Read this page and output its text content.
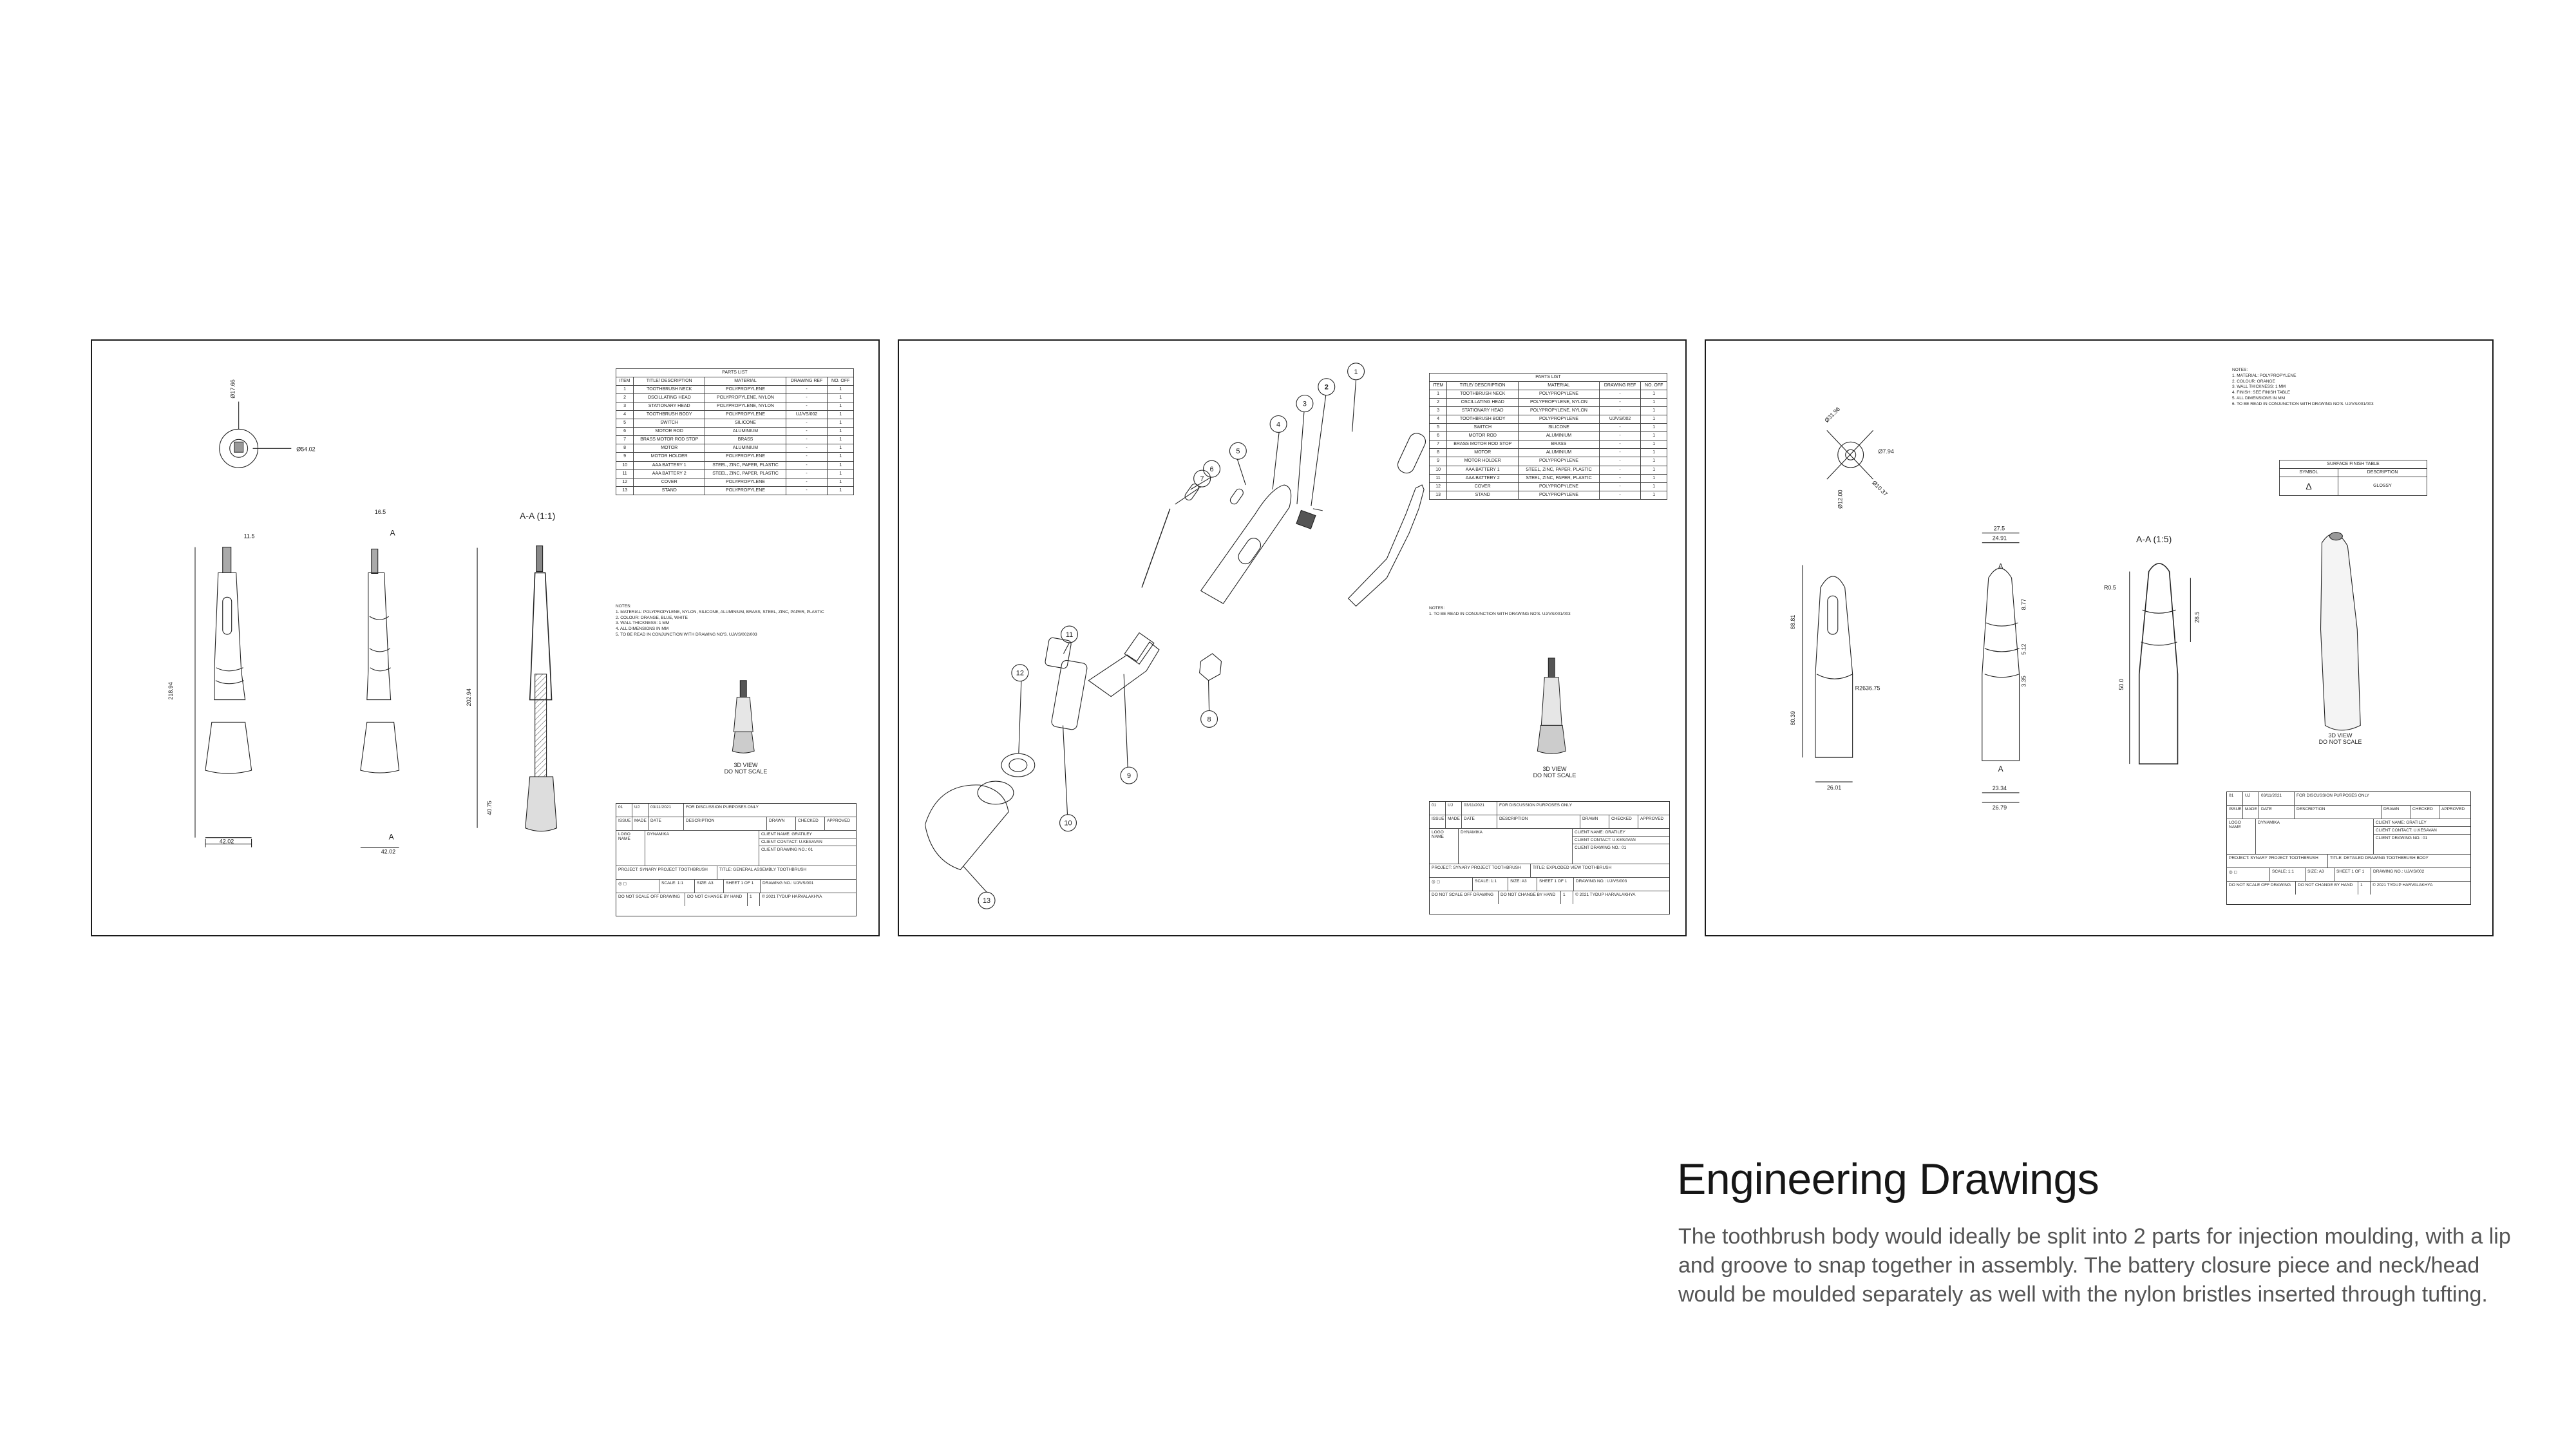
Ø17.66
Ø54.02
11.5
16.5
218.94	202.94
40.75
42.02
42.02
A
A
PARTS LIST
ITEM	TITLE/ DESCRIPTION	MATERIAL	DRAWING REF	NO. OFF
1	TOOTHBRUSH NECK	POLYPROPYLENE	-	1
2	OSCILLATING HEAD	POLYPROPYLENE, NYLON	-	1
3	STATIONARY HEAD	POLYPROPYLENE, NYLON	-	1
4	TOOTHBRUSH BODY	POLYPROPYLENE	UJ/VS/002	1
5	SWITCH	SILICONE	-	1
6	MOTOR ROD	ALUMINIUM	-	1
7	BRASS MOTOR ROD STOP	BRASS	-	1
8	MOTOR	ALUMINIUM	-	1
9	MOTOR HOLDER	POLYPROPYLENE	-	1
10	AAA BATTERY 1	STEEL, ZINC, PAPER, PLASTIC	-	1
11	AAA BATTERY 2	STEEL, ZINC, PAPER, PLASTIC	-	1
12	COVER	POLYPROPYLENE	-	1
13	STAND	POLYPROPYLENE	-	1
NOTES:
1. MATERIAL: POLYPROPYLENE, NYLON, SILICONE, ALUMINIUM, BRASS, STEEL, ZINC, PAPER, PLASTIC
2. COLOUR: ORANGE, BLUE, WHITE
3. WALL THICKNESS: 1 MM
4. ALL DIMENSIONS IN MM
5. TO BE READ IN CONJUNCTION WITH DRAWING NO'S. UJ/VS/002/003
A-A (1:1)
3D VIEW
DO NOT SCALE
01	UJ	03/11/2021	FOR DISCUSSION PURPOSES ONLY
ISSUE MADE DATE	DESCRIPTION	DRAWN	CHECKED	APPROVED
LOGO
NAME
DYNAMIKA	CLIENT NAME: GRATILEY
CLIENT CONTACT: U.KESAVAN
CLIENT DRAWING NO.: 01
PROJECT: SYNARY PROJECT TOOTHBRUSH	TITLE: GENERAL ASSEMBLY TOOTHBRUSH
◎ ◻	SCALE: 1:1	SIZE: A3	SHEET 1 OF 1	DRAWING NO.: UJ/VS/001
DO NOT SCALE OFF DRAWING	DO NOT CHANGE BY HAND	1	© 2021 TYDUP HARVALAKHYA
1
2
3
4
5
6
7
8
9
10
11
12
13
PARTS LIST
ITEM	TITLE/ DESCRIPTION	MATERIAL	DRAWING REF	NO. OFF
1	TOOTHBRUSH NECK	POLYPROPYLENE	-	1
2	OSCILLATING HEAD	POLYPROPYLENE, NYLON	-	1
3	STATIONARY HEAD	POLYPROPYLENE, NYLON	-	1
4	TOOTHBRUSH BODY	POLYPROPYLENE	UJ/VS/002	1
5	SWITCH	SILICONE	-	1
6	MOTOR ROD	ALUMINIUM	-	1
7	BRASS MOTOR ROD STOP	BRASS	-	1
8	MOTOR	ALUMINIUM	-	1
9	MOTOR HOLDER	POLYPROPYLENE	-	1
10	AAA BATTERY 1	STEEL, ZINC, PAPER, PLASTIC	-	1
11	AAA BATTERY 2	STEEL, ZINC, PAPER, PLASTIC	-	1
12	COVER	POLYPROPYLENE	-	1
13	STAND	POLYPROPYLENE	-	1
NOTES:
1. TO BE READ IN CONJUNCTION WITH DRAWING NO'S. UJ/VS/001/003
3D VIEW
DO NOT SCALE
01	UJ	03/11/2021	FOR DISCUSSION PURPOSES ONLY
ISSUE MADE DATE	DESCRIPTION	DRAWN	CHECKED	APPROVED
LOGO
NAME
DYNAMIKA	CLIENT NAME: GRATILEY
CLIENT CONTACT: U.KESAVAN
CLIENT DRAWING NO.: 01
PROJECT: SYNARY PROJECT TOOTHBRUSH	TITLE: EXPLODED VIEW TOOTHBRUSH
◎ ◻	SCALE: 1:1	SIZE: A3	SHEET 1 OF 1	DRAWING NO.: UJ/VS/003
DO NOT SCALE OFF DRAWING	DO NOT CHANGE BY HAND	1	© 2021 TYDUP HARVALAKHYA
Ø31.96
Ø7.94
Ø10.37
Ø12.00
88.81
80.39
R2636.75
26.01
27.5
24.91
8.77
5.12
3.35
23.34
26.79
R0.5
28.5
50.0
A
A
NOTES:
1. MATERIAL: POLYPROPYLENE
2. COLOUR: ORANGE
3. WALL THICKNESS: 1 MM
4. FINISH: SEE FINISH TABLE
5. ALL DIMENSIONS IN MM
6. TO BE READ IN CONJUNCTION WITH DRAWING NO'S. UJ/VS/001/003
SURFACE FINISH TABLE
SYMBOL	DESCRIPTION
Δ	GLOSSY
A-A (1:5)
3D VIEW
DO NOT SCALE
01	UJ	03/11/2021	FOR DISCUSSION PURPOSES ONLY
ISSUE MADE DATE	DESCRIPTION	DRAWN	CHECKED	APPROVED
LOGO
NAME
DYNAMIKA	CLIENT NAME: GRATILEY
CLIENT CONTACT: U.KESAVAN
CLIENT DRAWING NO.: 01
PROJECT: SYNARY PROJECT TOOTHBRUSH	TITLE: DETAILED DRAWING TOOTHBRUSH BODY
◎ ◻	SCALE: 1:1	SIZE: A3	SHEET 1 OF 1	DRAWING NO.: UJ/VS/002
DO NOT SCALE OFF DRAWING	DO NOT CHANGE BY HAND	1	© 2021 TYDUP HARVALAKHYA
Engineering Drawings

The toothbrush body would ideally be split into 2 parts for injection moulding, with a lip and groove to snap together in assembly. The battery closure piece and neck/head would be moulded separately as well with the nylon bristles inserted through tufting.
